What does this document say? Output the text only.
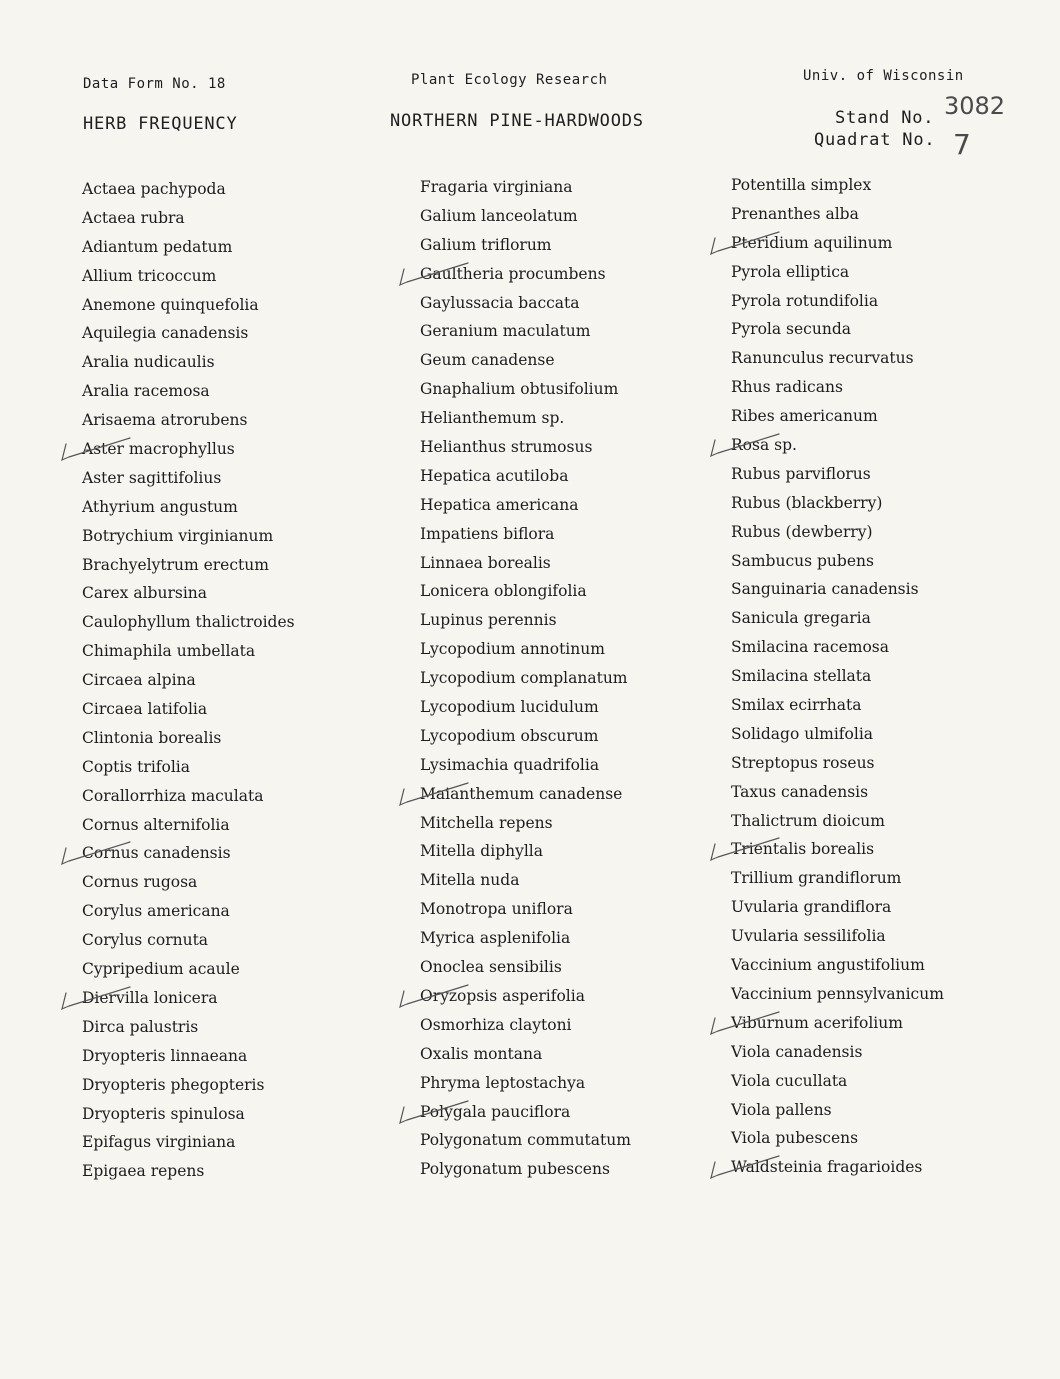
Data Form No. 18	Plant Ecology Research	Univ. of Wisconsin
HERB FREQUENCY	NORTHERN PINE-HARDWOODS	Stand No. 3082
Quadrat No. 7
Actaea pachypoda
Actaea rubra
Adiantum pedatum
Allium tricoccum
Anemone quinquefolia
Aquilegia canadensis
Aralia nudicaulis
Aralia racemosa
Arisaema atrorubens
Aster macrophyllus
Aster sagittifolius
Athyrium angustum
Botrychium virginianum
Brachyelytrum erectum
Carex albursina
Caulophyllum thalictroides
Chimaphila umbellata
Circaea alpina
Circaea latifolia
Clintonia borealis
Coptis trifolia
Corallorrhiza maculata
Cornus alternifolia
Cornus canadensis
Cornus rugosa
Corylus americana
Corylus cornuta
Cypripedium acaule
Diervilla lonicera
Dirca palustris
Dryopteris linnaeana
Dryopteris phegopteris
Dryopteris spinulosa
Epifagus virginiana
Epigaea repens
Fragaria virginiana
Galium lanceolatum
Galium triflorum
Gaultheria procumbens
Gaylussacia baccata
Geranium maculatum
Geum canadense
Gnaphalium obtusifolium
Helianthemum sp.
Helianthus strumosus
Hepatica acutiloba
Hepatica americana
Impatiens biflora
Linnaea borealis
Lonicera oblongifolia
Lupinus perennis
Lycopodium annotinum
Lycopodium complanatum
Lycopodium lucidulum
Lycopodium obscurum
Lysimachia quadrifolia
Maianthemum canadense
Mitchella repens
Mitella diphylla
Mitella nuda
Monotropa uniflora
Myrica asplenifolia
Onoclea sensibilis
Oryzopsis asperifolia
Osmorhiza claytoni
Oxalis montana
Phryma leptostachya
Polygala pauciflora
Polygonatum commutatum
Polygonatum pubescens
Potentilla simplex
Prenanthes alba
Pteridium aquilinum
Pyrola elliptica
Pyrola rotundifolia
Pyrola secunda
Ranunculus recurvatus
Rhus radicans
Ribes americanum
Rosa sp.
Rubus parviflorus
Rubus (blackberry)
Rubus (dewberry)
Sambucus pubens
Sanguinaria canadensis
Sanicula gregaria
Smilacina racemosa
Smilacina stellata
Smilax ecirrhata
Solidago ulmifolia
Streptopus roseus
Taxus canadensis
Thalictrum dioicum
Trientalis borealis
Trillium grandiflorum
Uvularia grandiflora
Uvularia sessilifolia
Vaccinium angustifolium
Vaccinium pennsylvanicum
Viburnum acerifolium
Viola canadensis
Viola cucullata
Viola pallens
Viola pubescens
Waldsteinia fragarioides
